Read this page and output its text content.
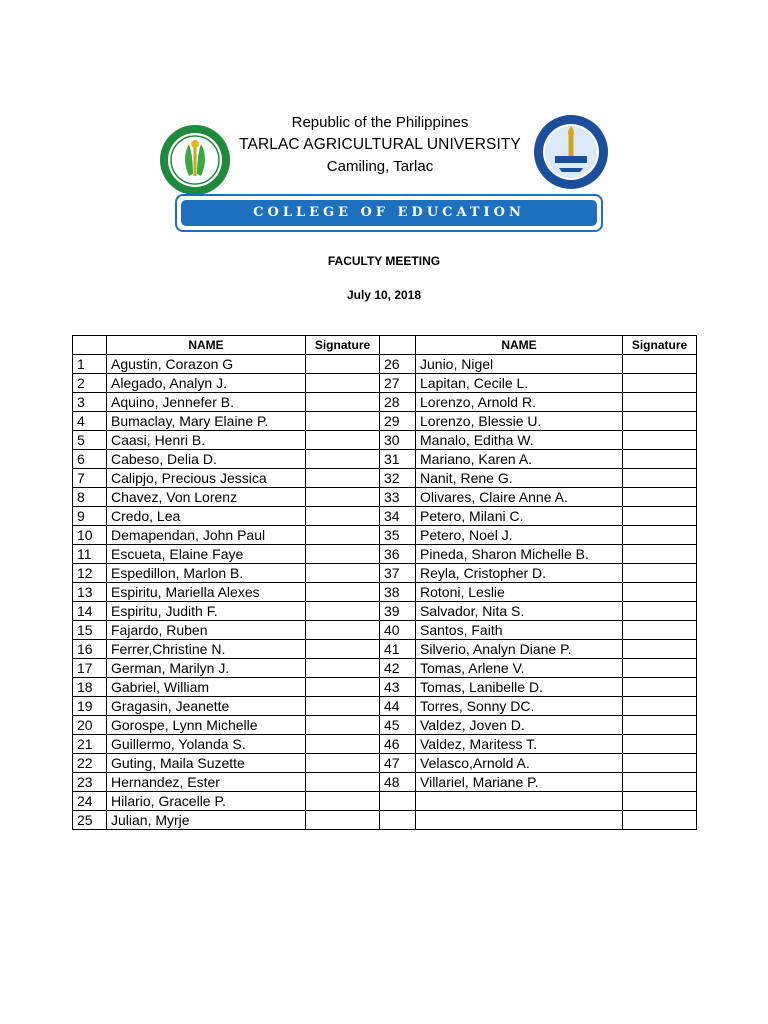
Republic of the Philippines
TARLAC AGRICULTURAL UNIVERSITY
Camiling, Tarlac
COLLEGE OF EDUCATION
FACULTY MEETING
July 10, 2018
	NAME	Signature		NAME	Signature
1	Agustin, Corazon G		26	Junio, Nigel	
2	Alegado, Analyn J.		27	Lapitan, Cecile L.	
3	Aquino, Jennefer B.		28	Lorenzo, Arnold R.	
4	Bumaclay, Mary Elaine P.		29	Lorenzo, Blessie U.	
5	Caasi, Henri B.		30	Manalo, Editha W.	
6	Cabeso, Delia D.		31	Mariano, Karen A.	
7	Calipjo, Precious Jessica		32	Nanit, Rene G.	
8	Chavez, Von Lorenz		33	Olivares, Claire Anne A.	
9	Credo, Lea		34	Petero, Milani C.	
10	Demapendan, John Paul		35	Petero, Noel J.	
11	Escueta, Elaine Faye		36	Pineda, Sharon Michelle B.	
12	Espedillon, Marlon B.		37	Reyla, Cristopher D.	
13	Espiritu, Mariella Alexes		38	Rotoni, Leslie	
14	Espiritu, Judith F.		39	Salvador, Nita S.	
15	Fajardo, Ruben		40	Santos, Faith	
16	Ferrer,Christine N.		41	Silverio, Analyn Diane P.	
17	German, Marilyn J.		42	Tomas, Arlene V.	
18	Gabriel, William		43	Tomas, Lanibelle D.	
19	Gragasin, Jeanette		44	Torres, Sonny DC.	
20	Gorospe, Lynn Michelle		45	Valdez, Joven D.	
21	Guillermo, Yolanda S.		46	Valdez, Maritess T.	
22	Guting, Maila Suzette		47	Velasco,Arnold A.	
23	Hernandez, Ester		48	Villariel, Mariane P.	
24	Hilario, Gracelle P.				
25	Julian, Myrje				
